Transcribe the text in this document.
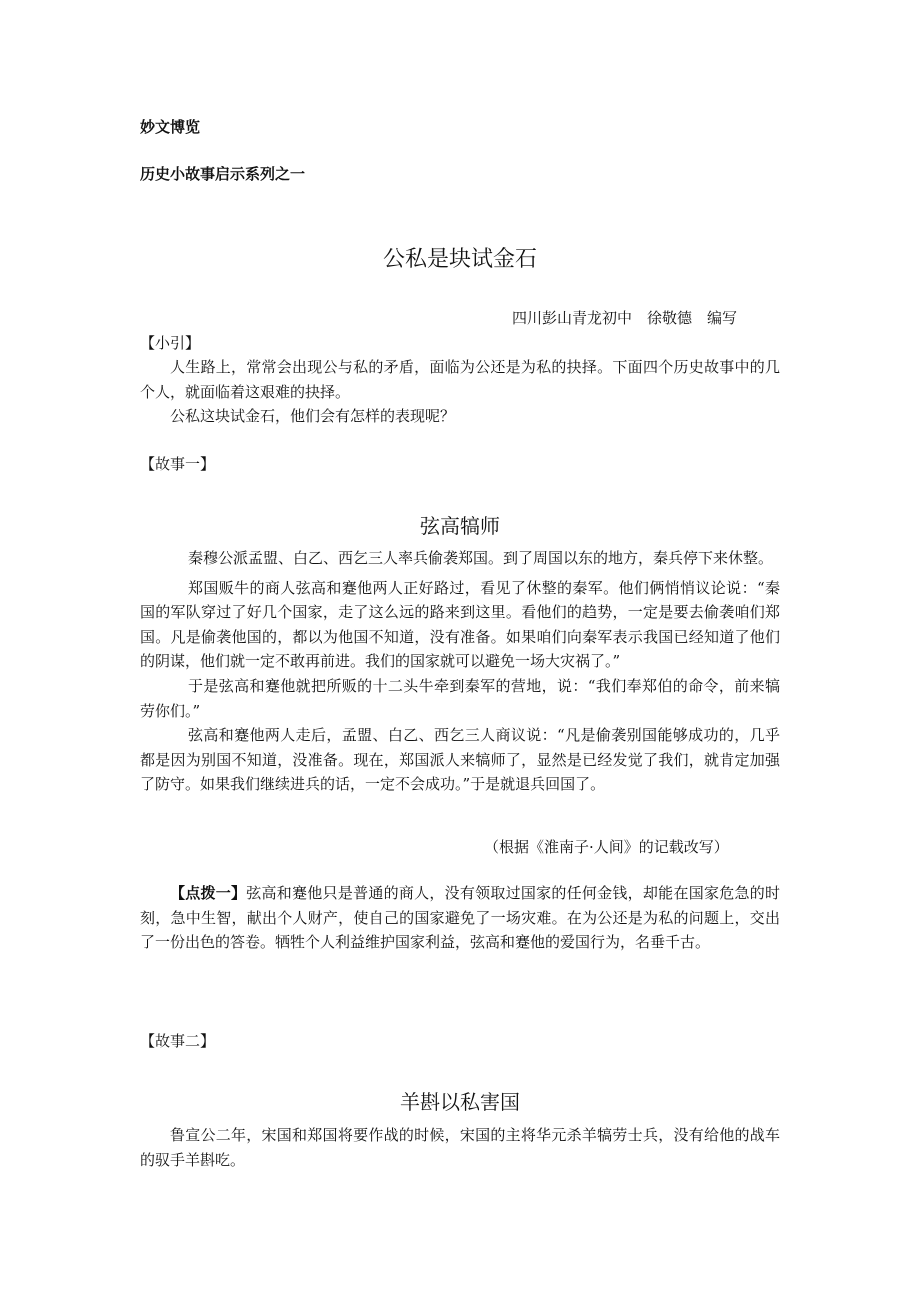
妙文博览
历史小故事启示系列之一
公私是块试金石
四川彭山青龙初中　徐敬德　编写
【小引】

人生路上，常常会出现公与私的矛盾，面临为公还是为私的抉择。下面四个历史故事中的几个人，就面临着这艰难的抉择。

公私这块试金石，他们会有怎样的表现呢？

【故事一】
弦高犒师

秦穆公派孟盟、白乙、西乞三人率兵偷袭郑国。到了周国以东的地方，秦兵停下来休整。

郑国贩牛的商人弦高和蹇他两人正好路过，看见了休整的秦军。他们俩悄悄议论说：“秦国的军队穿过了好几个国家，走了这么远的路来到这里。看他们的趋势，一定是要去偷袭咱们郑国。凡是偷袭他国的，都以为他国不知道，没有准备。如果咱们向秦军表示我国已经知道了他们的阴谋，他们就一定不敢再前进。我们的国家就可以避免一场大灾祸了。”

于是弦高和蹇他就把所贩的十二头牛牵到秦军的营地，说：“我们奉郑伯的命令，前来犒劳你们。”

弦高和蹇他两人走后，孟盟、白乙、西乞三人商议说：“凡是偷袭别国能够成功的，几乎都是因为别国不知道，没准备。现在，郑国派人来犒师了，显然是已经发觉了我们，就肯定加强了防守。如果我们继续进兵的话，一定不会成功。”于是就退兵回国了。

（根据《淮南子·人间》的记载改写）

【点拨一】弦高和蹇他只是普通的商人，没有领取过国家的任何金钱，却能在国家危急的时刻，急中生智，献出个人财产，使自己的国家避免了一场灾难。在为公还是为私的问题上，交出了一份出色的答卷。牺牲个人利益维护国家利益，弦高和蹇他的爱国行为，名垂千古。

【故事二】
羊斟以私害国

鲁宣公二年，宋国和郑国将要作战的时候，宋国的主将华元杀羊犒劳士兵，没有给他的战车的驭手羊斟吃。
